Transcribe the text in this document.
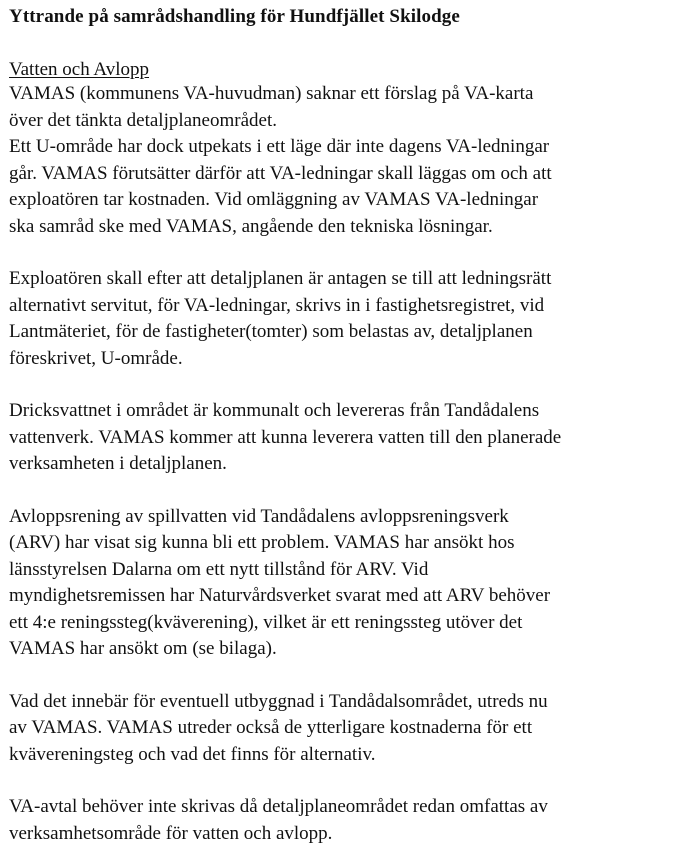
Yttrande på samrådshandling för Hundfjället Skilodge
Vatten och Avlopp
VAMAS (kommunens VA-huvudman) saknar ett förslag på VA-karta
över det tänkta detaljplaneområdet.
Ett U-område har dock utpekats i ett läge där inte dagens VA-ledningar
går. VAMAS förutsätter därför att VA-ledningar skall läggas om och att
exploatören tar kostnaden. Vid omläggning av VAMAS VA-ledningar
ska samråd ske med VAMAS, angående den tekniska lösningar.
Exploatören skall efter att detaljplanen är antagen se till att ledningsrätt
alternativt servitut, för VA-ledningar, skrivs in i fastighetsregistret, vid
Lantmäteriet, för de fastigheter(tomter) som belastas av, detaljplanen
föreskrivet, U-område.
Dricksvattnet i området är kommunalt och levereras från Tandådalens
vattenverk. VAMAS kommer att kunna leverera vatten till den planerade
verksamheten i detaljplanen.
Avloppsrening av spillvatten vid Tandådalens avloppsreningsverk
(ARV) har visat sig kunna bli ett problem. VAMAS har ansökt hos
länsstyrelsen Dalarna om ett nytt tillstånd för ARV. Vid
myndighetsremissen har Naturvårdsverket svarat med att ARV behöver
ett 4:e reningssteg(kväverening), vilket är ett reningssteg utöver det
VAMAS har ansökt om (se bilaga).
Vad det innebär för eventuell utbyggnad i Tandådalsområdet, utreds nu
av VAMAS. VAMAS utreder också de ytterligare kostnaderna för ett
kvävereningsteg och vad det finns för alternativ.
VA-avtal behöver inte skrivas då detaljplaneområdet redan omfattas av
verksamhetsområde för vatten och avlopp.
